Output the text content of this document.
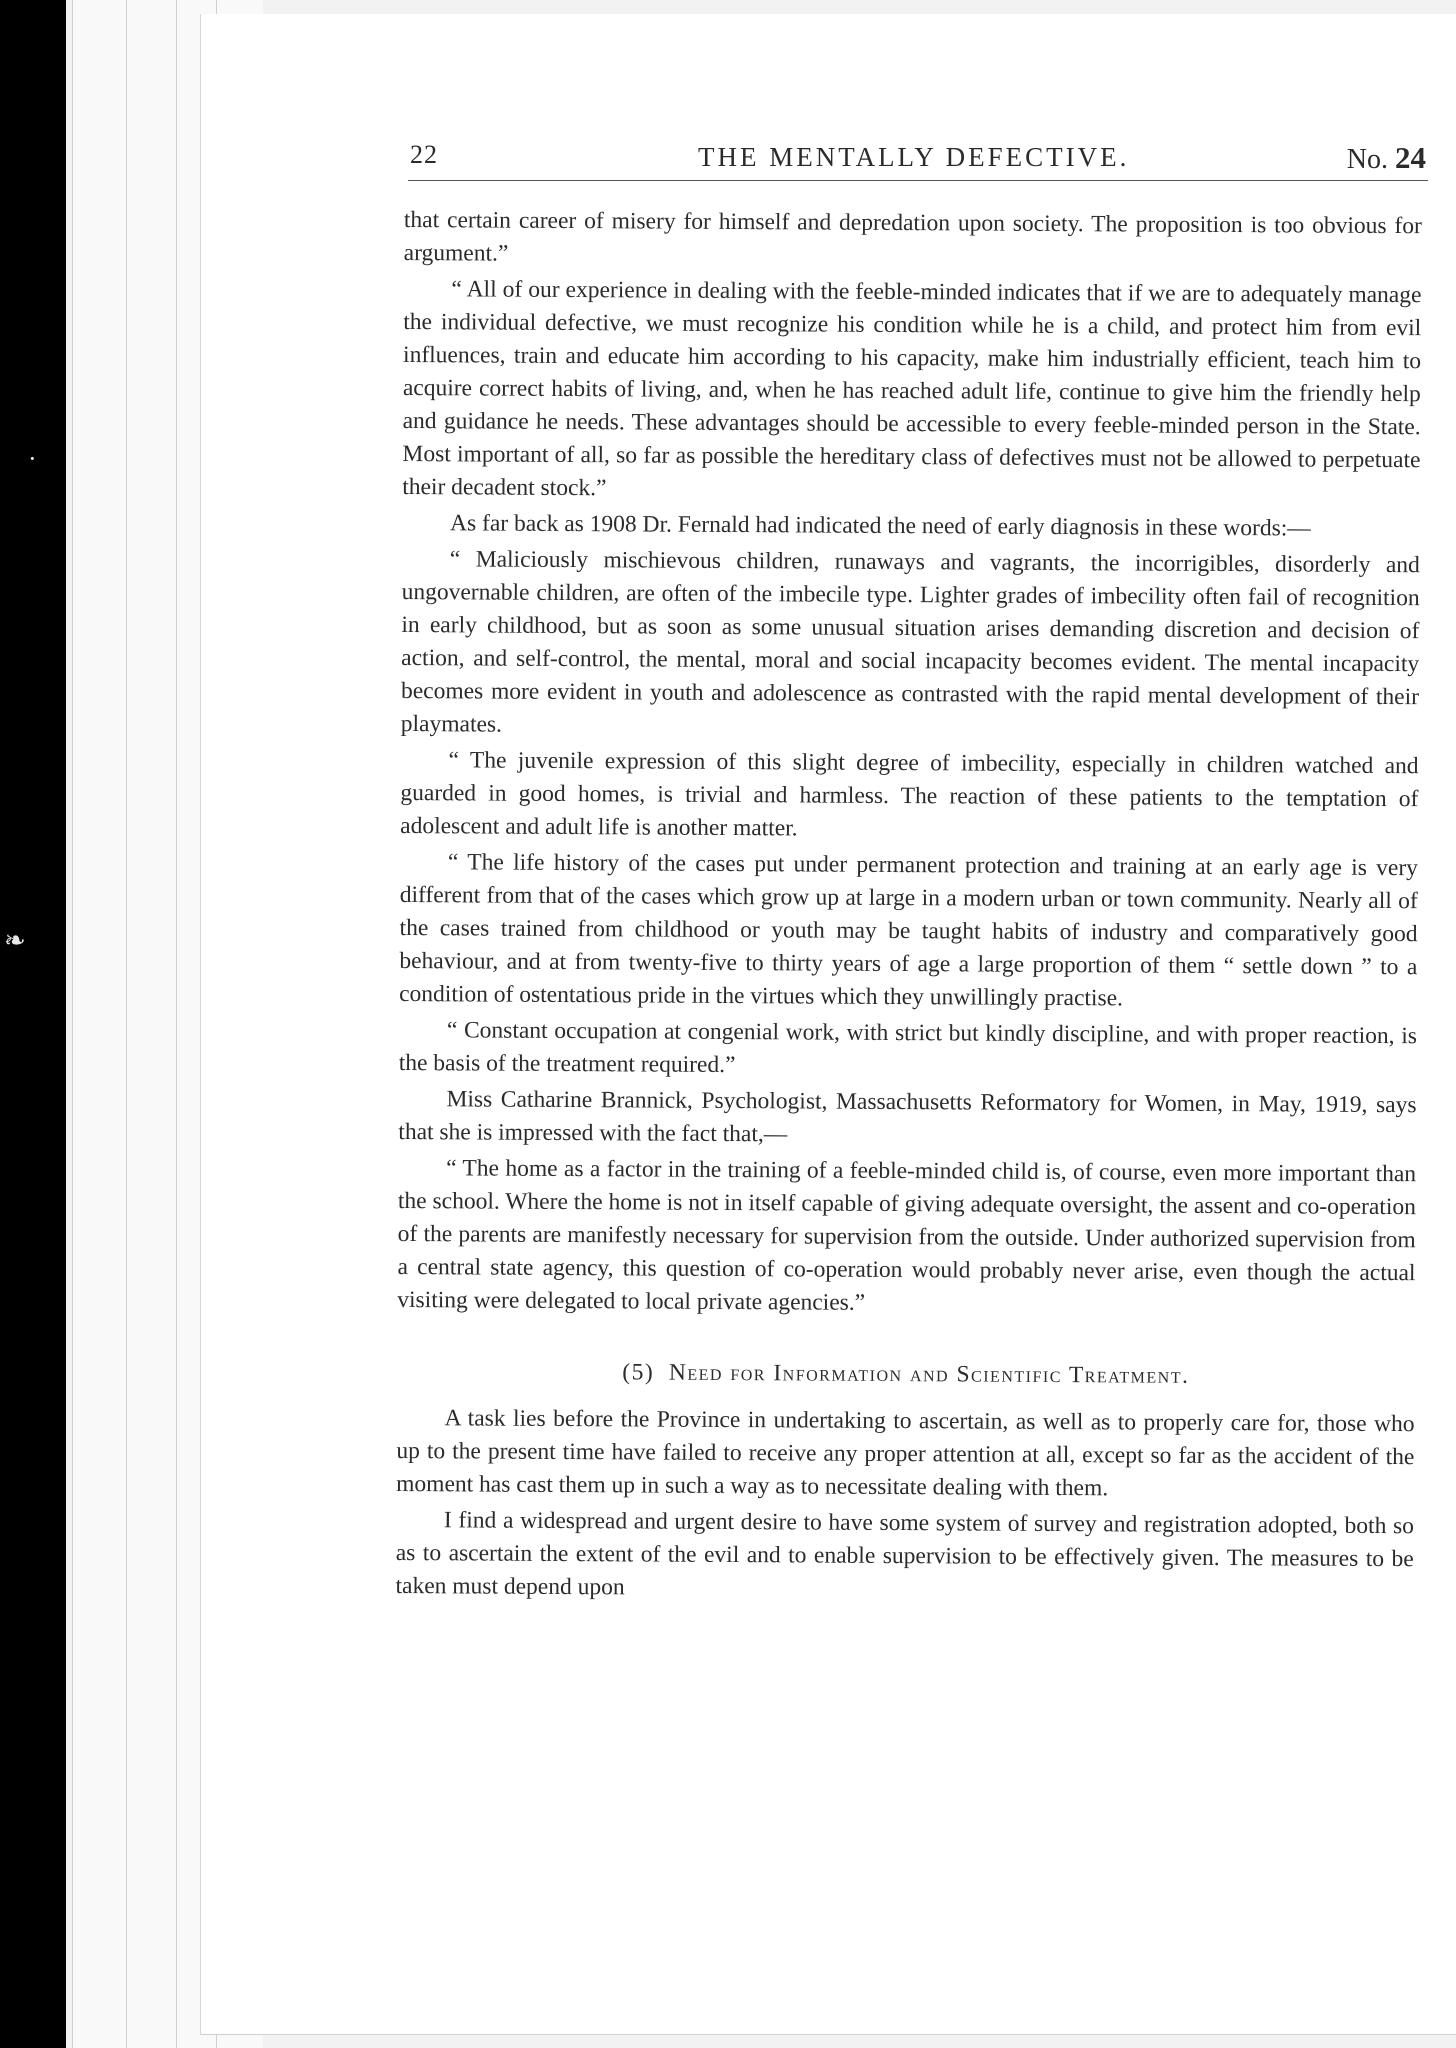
·
❧
22	THE MENTALLY DEFECTIVE.	No. 24

that certain career of misery for himself and depredation upon society. The proposition is too obvious for argument.”

“ All of our experience in dealing with the feeble-minded indicates that if we are to adequately manage the individual defective, we must recognize his condition while he is a child, and protect him from evil influences, train and educate him according to his capacity, make him industrially efficient, teach him to acquire correct habits of living, and, when he has reached adult life, continue to give him the friendly help and guidance he needs. These advantages should be accessible to every feeble-minded person in the State. Most important of all, so far as possible the hereditary class of defectives must not be allowed to perpetuate their decadent stock.”

As far back as 1908 Dr. Fernald had indicated the need of early diagnosis in these words:—

“ Maliciously mischievous children, runaways and vagrants, the incorrigibles, disorderly and ungovernable children, are often of the imbecile type. Lighter grades of imbecility often fail of recognition in early childhood, but as soon as some unusual situation arises demanding discretion and decision of action, and self-control, the mental, moral and social incapacity becomes evident. The mental incapacity becomes more evident in youth and adolescence as contrasted with the rapid mental development of their playmates.

“ The juvenile expression of this slight degree of imbecility, especially in children watched and guarded in good homes, is trivial and harmless. The reaction of these patients to the temptation of adolescent and adult life is another matter.

“ The life history of the cases put under permanent protection and training at an early age is very different from that of the cases which grow up at large in a modern urban or town community. Nearly all of the cases trained from childhood or youth may be taught habits of industry and comparatively good behaviour, and at from twenty-five to thirty years of age a large proportion of them “ settle down ” to a condition of ostentatious pride in the virtues which they unwillingly practise.

“ Constant occupation at congenial work, with strict but kindly discipline, and with proper reaction, is the basis of the treatment required.”

Miss Catharine Brannick, Psychologist, Massachusetts Reformatory for Women, in May, 1919, says that she is impressed with the fact that,—

“ The home as a factor in the training of a feeble-minded child is, of course, even more important than the school. Where the home is not in itself capable of giving adequate oversight, the assent and co-operation of the parents are manifestly necessary for supervision from the outside. Under authorized supervision from a central state agency, this question of co-operation would probably never arise, even though the actual visiting were delegated to local private agencies.”

(5) Need for Information and Scientific Treatment.

A task lies before the Province in undertaking to ascertain, as well as to properly care for, those who up to the present time have failed to receive any proper attention at all, except so far as the accident of the moment has cast them up in such a way as to necessitate dealing with them.

I find a widespread and urgent desire to have some system of survey and registration adopted, both so as to ascertain the extent of the evil and to enable supervision to be effectively given. The measures to be taken must depend upon
